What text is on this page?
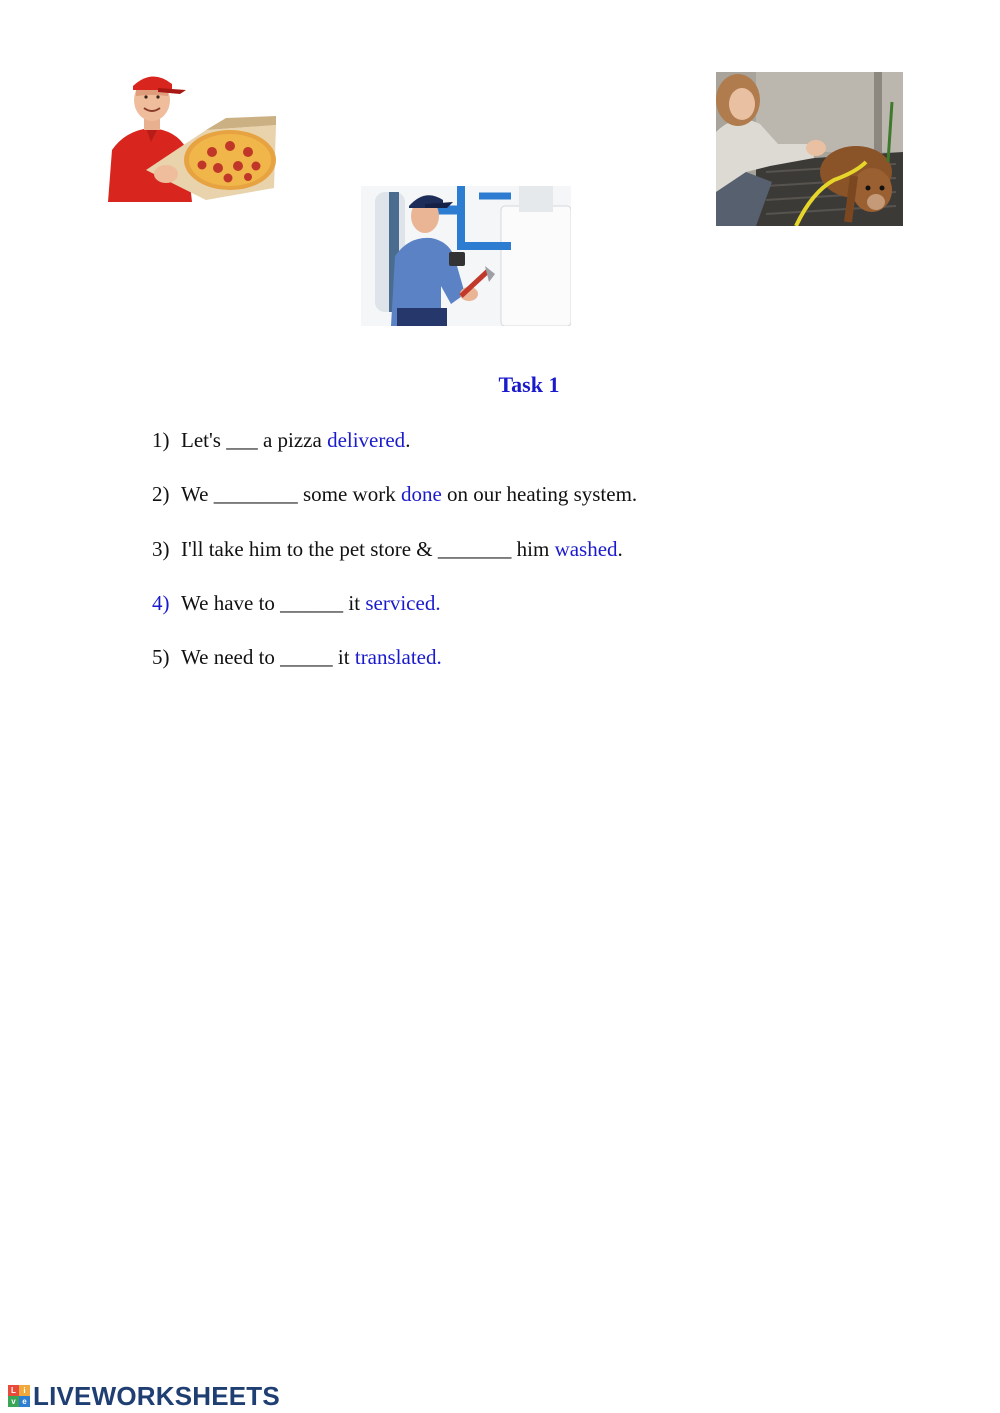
Task 1
1) Let's ___ a pizza delivered.
2) We ________ some work done on our heating system.
3) I'll take him to the pet store & _______ him washed.
4) We have to ______ it serviced.
5) We need to _____ it translated.
L i
v e LIVEWORKSHEETS
